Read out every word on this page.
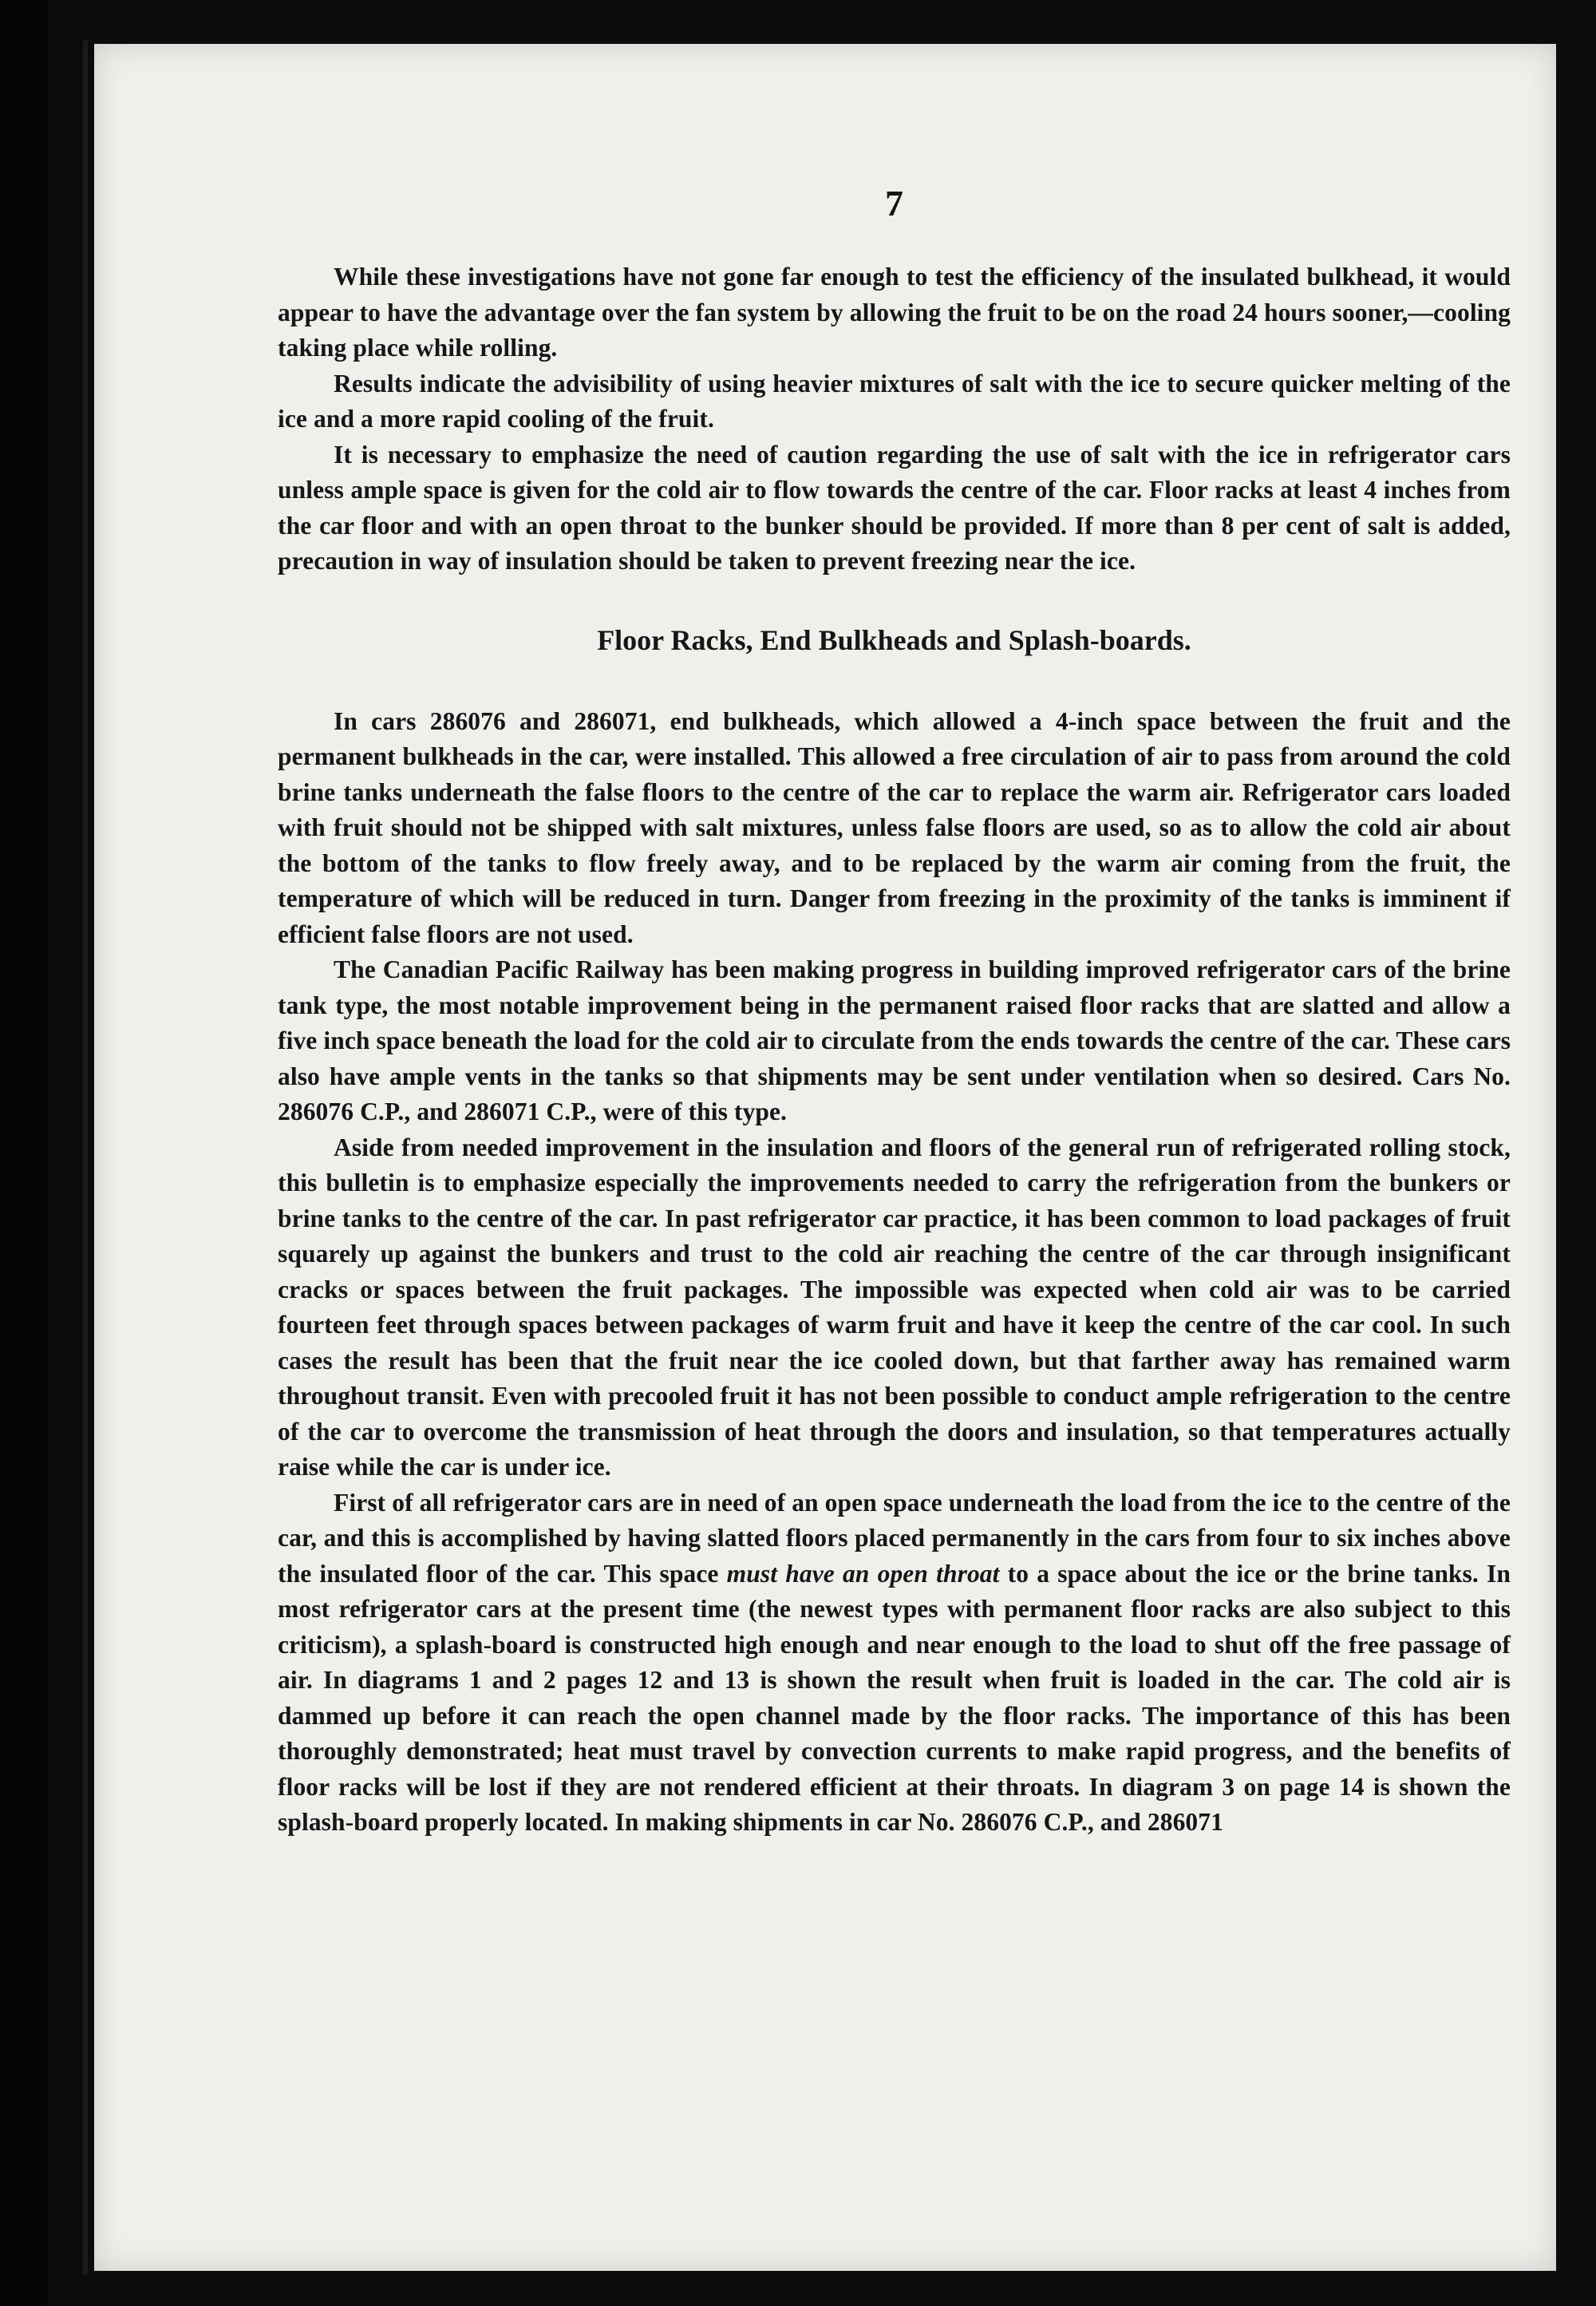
7

While these investigations have not gone far enough to test the efficiency of the insulated bulkhead, it would appear to have the advantage over the fan system by allowing the fruit to be on the road 24 hours sooner,—cooling taking place while rolling.

Results indicate the advisibility of using heavier mixtures of salt with the ice to secure quicker melting of the ice and a more rapid cooling of the fruit.

It is necessary to emphasize the need of caution regarding the use of salt with the ice in refrigerator cars unless ample space is given for the cold air to flow towards the centre of the car. Floor racks at least 4 inches from the car floor and with an open throat to the bunker should be provided. If more than 8 per cent of salt is added, precaution in way of insulation should be taken to prevent freezing near the ice.

Floor Racks, End Bulkheads and Splash-boards.

In cars 286076 and 286071, end bulkheads, which allowed a 4-inch space between the fruit and the permanent bulkheads in the car, were installed. This allowed a free circulation of air to pass from around the cold brine tanks underneath the false floors to the centre of the car to replace the warm air. Refrigerator cars loaded with fruit should not be shipped with salt mixtures, unless false floors are used, so as to allow the cold air about the bottom of the tanks to flow freely away, and to be replaced by the warm air coming from the fruit, the temperature of which will be reduced in turn. Danger from freezing in the proximity of the tanks is imminent if efficient false floors are not used.

The Canadian Pacific Railway has been making progress in building improved refrigerator cars of the brine tank type, the most notable improvement being in the permanent raised floor racks that are slatted and allow a five inch space beneath the load for the cold air to circulate from the ends towards the centre of the car. These cars also have ample vents in the tanks so that shipments may be sent under ventilation when so desired. Cars No. 286076 C.P., and 286071 C.P., were of this type.

Aside from needed improvement in the insulation and floors of the general run of refrigerated rolling stock, this bulletin is to emphasize especially the improvements needed to carry the refrigeration from the bunkers or brine tanks to the centre of the car. In past refrigerator car practice, it has been common to load packages of fruit squarely up against the bunkers and trust to the cold air reaching the centre of the car through insignificant cracks or spaces between the fruit packages. The impossible was expected when cold air was to be carried fourteen feet through spaces between packages of warm fruit and have it keep the centre of the car cool. In such cases the result has been that the fruit near the ice cooled down, but that farther away has remained warm throughout transit. Even with precooled fruit it has not been possible to conduct ample refrigeration to the centre of the car to overcome the transmission of heat through the doors and insulation, so that temperatures actually raise while the car is under ice.

First of all refrigerator cars are in need of an open space underneath the load from the ice to the centre of the car, and this is accomplished by having slatted floors placed permanently in the cars from four to six inches above the insulated floor of the car. This space must have an open throat to a space about the ice or the brine tanks. In most refrigerator cars at the present time (the newest types with permanent floor racks are also subject to this criticism), a splash-board is constructed high enough and near enough to the load to shut off the free passage of air. In diagrams 1 and 2 pages 12 and 13 is shown the result when fruit is loaded in the car. The cold air is dammed up before it can reach the open channel made by the floor racks. The importance of this has been thoroughly demonstrated; heat must travel by convection currents to make rapid progress, and the benefits of floor racks will be lost if they are not rendered efficient at their throats. In diagram 3 on page 14 is shown the splash-board properly located. In making shipments in car No. 286076 C.P., and 286071
